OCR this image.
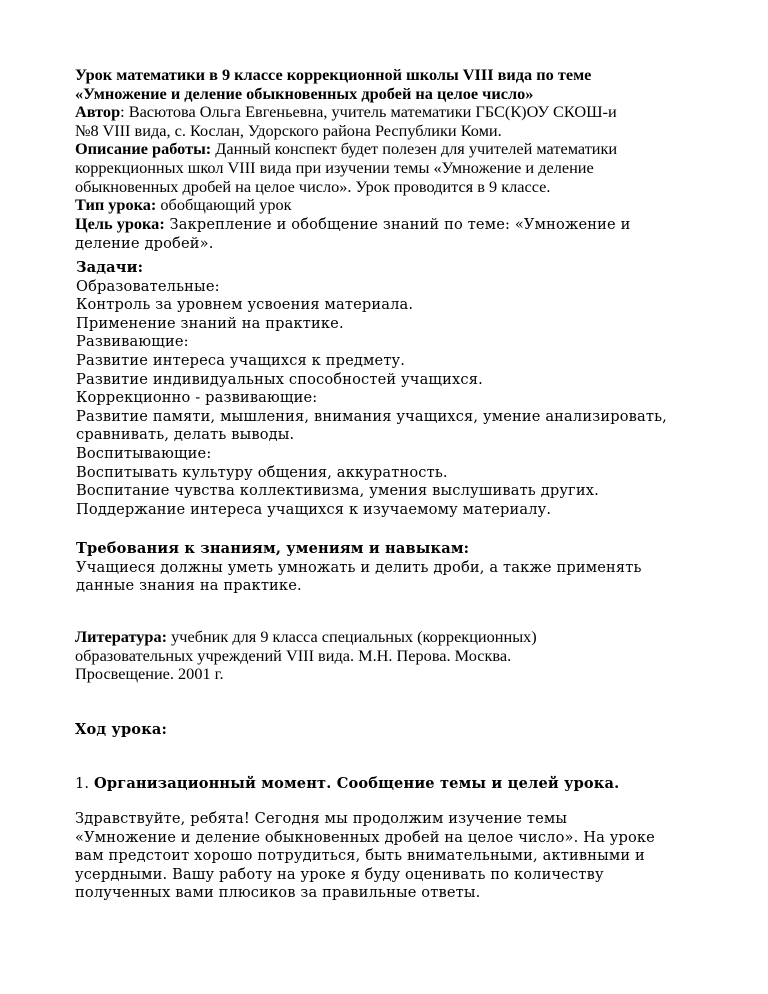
Урок математики в 9 классе коррекционной школы VIII вида по теме

«Умножение и деление обыкновенных дробей на целое число»

Автор: Васютова Ольга Евгеньевна, учитель математики ГБС(К)ОУ СКОШ-и

№8 VIII вида, с. Кослан, Удорского района Республики Коми.

Описание работы: Данный конспект будет полезен для учителей математики

коррекционных школ VIII вида при изучении темы «Умножение и деление

обыкновенных дробей на целое число». Урок проводится в 9 классе.

Тип урока: обобщающий урок

Цель урока: Закрепление и обобщение знаний по теме: «Умножение и

деление дробей».

Задачи:

Образовательные:

Контроль за уровнем усвоения материала.

Применение знаний на практике.

Развивающие:

Развитие интереса учащихся к предмету.

Развитие индивидуальных способностей учащихся.

Коррекционно - развивающие:

Развитие памяти, мышления, внимания учащихся, умение анализировать,

сравнивать, делать выводы.

Воспитывающие:

Воспитывать культуру общения, аккуратность.

Воспитание чувства коллективизма, умения выслушивать других.

Поддержание интереса учащихся к изучаемому материалу.

Требования к знаниям, умениям и навыкам:

Учащиеся должны уметь умножать и делить дроби, а также применять

данные знания на практике.

Литература: учебник для 9 класса специальных (коррекционных)

образовательных учреждений VIII вида. М.Н. Перова. Москва.

Просвещение. 2001 г.

Ход урока:

1. Организационный момент. Сообщение темы и целей урока.

Здравствуйте, ребята! Сегодня мы продолжим изучение темы

«Умножение и деление обыкновенных дробей на целое число». На уроке

вам предстоит хорошо потрудиться, быть внимательными, активными и

усердными. Вашу работу на уроке я буду оценивать по количеству

полученных вами плюсиков за правильные ответы.
